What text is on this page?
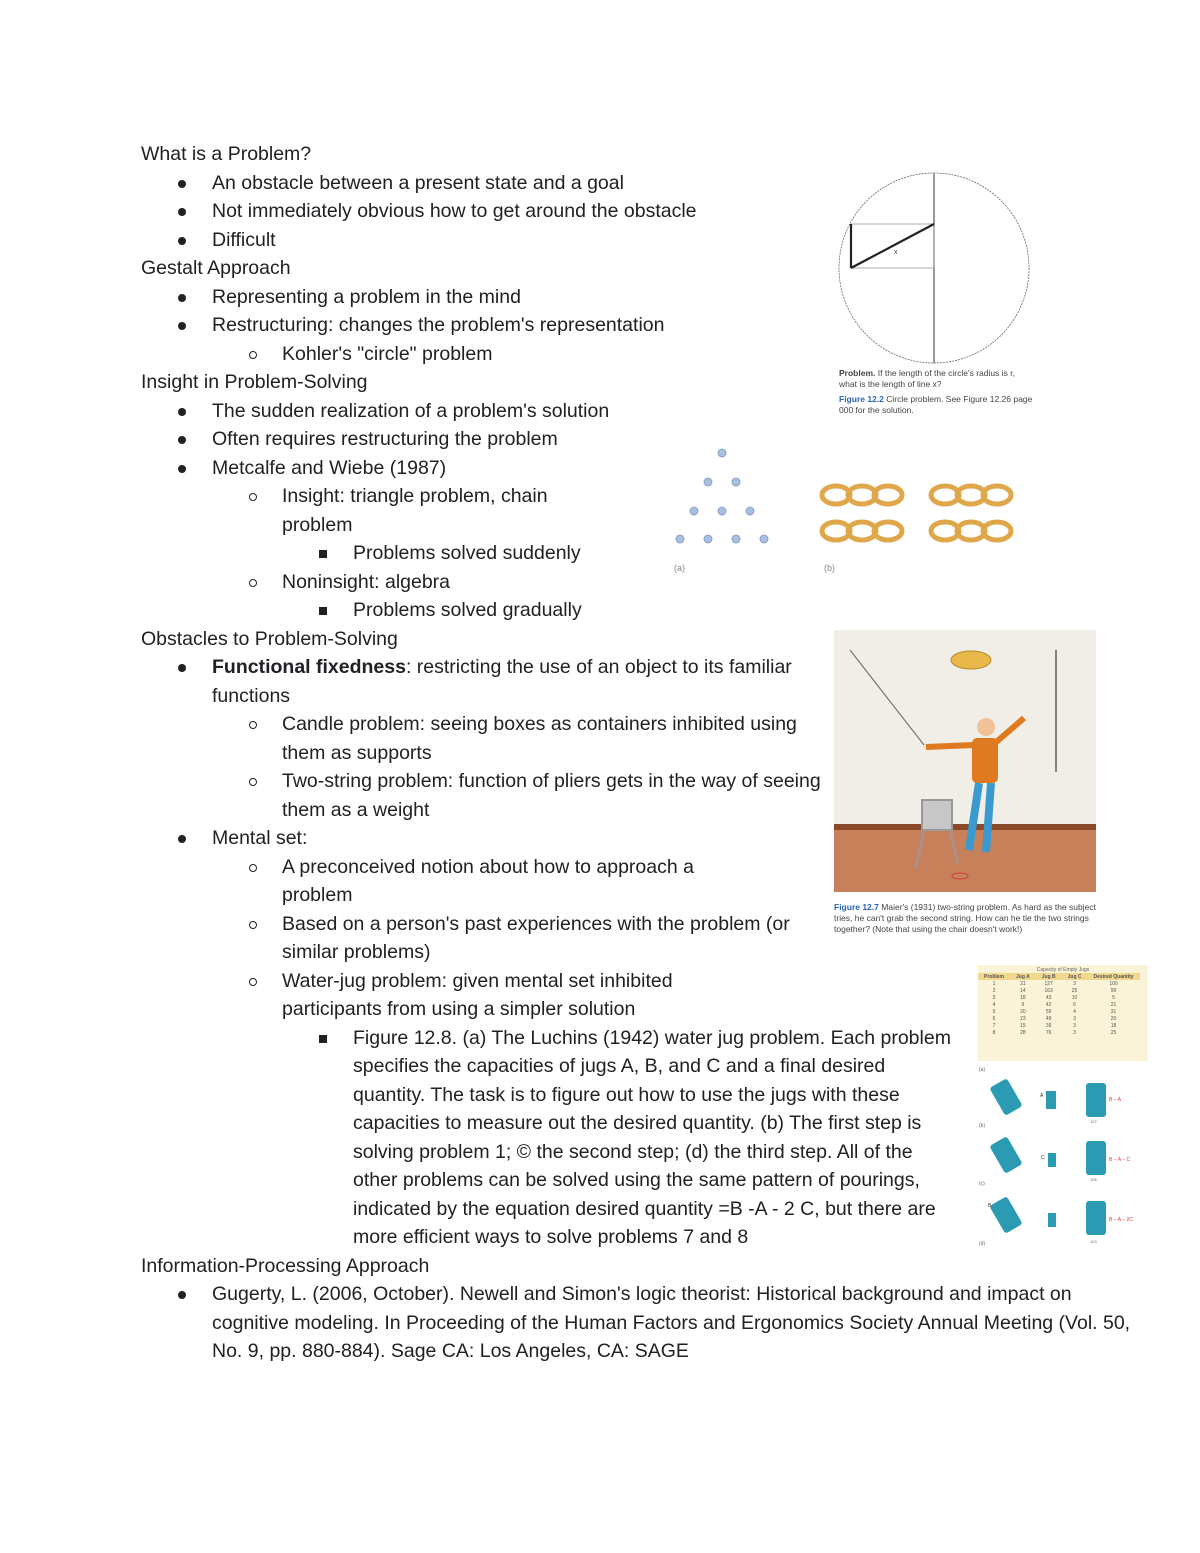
What is a Problem?
An obstacle between a present state and a goal
Not immediately obvious how to get around the obstacle
Difficult
Gestalt Approach
Representing a problem in the mind
Restructuring: changes the problem's representation
Kohler's "circle" problem
Insight in Problem-Solving
The sudden realization of a problem's solution
Often requires restructuring the problem
Metcalfe and Wiebe (1987)
Insight: triangle problem, chain problem
Problems solved suddenly
Noninsight: algebra
Problems solved gradually
Obstacles to Problem-Solving
Functional fixedness: restricting the use of an object to its familiar functions
Candle problem: seeing boxes as containers inhibited using them as supports
Two-string problem: function of pliers gets in the way of seeing them as a weight
Mental set:
A preconceived notion about how to approach a problem
Based on a person's past experiences with the problem (or similar problems)
Water-jug problem: given mental set inhibited participants from using a simpler solution
Figure 12.8. (a) The Luchins (1942) water jug problem. Each problem specifies the capacities of jugs A, B, and C and a final desired quantity. The task is to figure out how to use the jugs with these capacities to measure out the desired quantity. (b) The first step is solving problem 1; © the second step; (d) the third step. All of the other problems can be solved using the same pattern of pourings, indicated by the equation desired quantity =B -A - 2 C, but there are more efficient ways to solve problems 7 and 8
Information-Processing Approach
Gugerty, L. (2006, October). Newell and Simon's logic theorist: Historical background and impact on cognitive modeling. In Proceeding of the Human Factors and Ergonomics Society Annual Meeting (Vol. 50, No. 9, pp. 880-884). Sage CA: Los Angeles, CA: SAGE
x
Problem. If the length of the circle's radius is r, what is the length of line x?
Figure 12.2 Circle problem. See Figure 12.26 page 000 for the solution.
(a)	(b)
Figure 12.7 Maier's (1931) two-string problem. As hard as the subject tries, he can't grab the second string. How can he tie the two strings together? (Note that using the chair doesn't work!)
Capacity of Empty Jugs
Problem	Jug A	Jug B	Jug C	Desired Quantity
1	21	127	3	100
2	14	163	25	99
3	18	43	10	5
4	9	42	6	21
5	20	59	4	31
6	23	49	3	20
7	15	39	3	18
8	28	76	3	25
(a)
(b)
(c)
(d)
A
B − A
127
C	B − A − C
106
B
B − A − 2C
103
